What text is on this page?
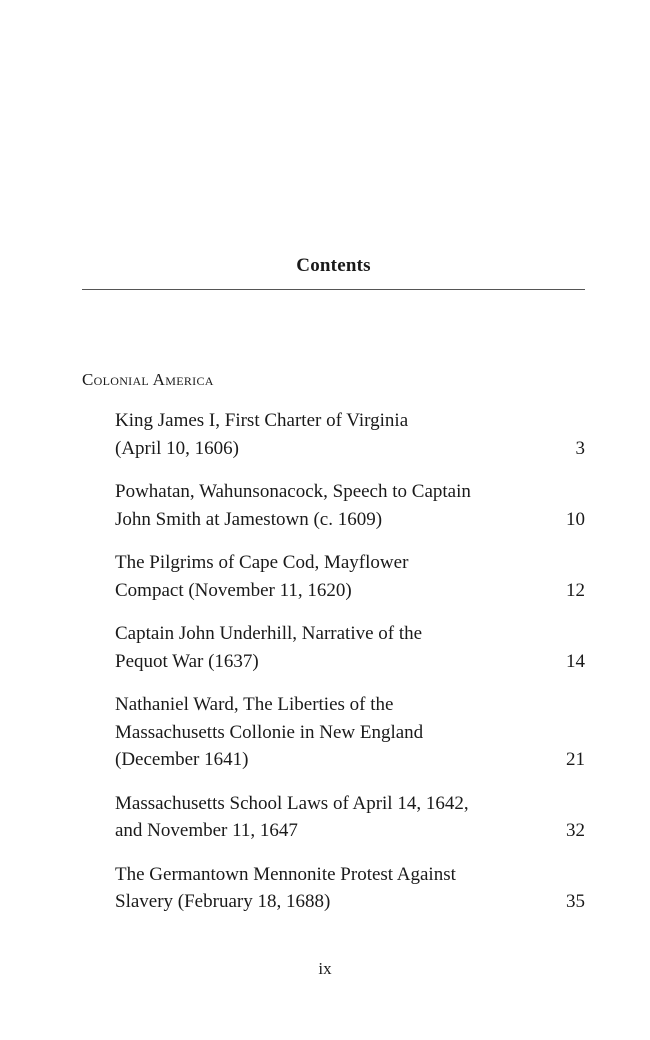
Contents
Colonial America
King James I, First Charter of Virginia
(April 10, 1606)	3
Powhatan, Wahunsonacock, Speech to Captain
John Smith at Jamestown (c. 1609)	10
The Pilgrims of Cape Cod, Mayflower
Compact (November 11, 1620)	12
Captain John Underhill, Narrative of the
Pequot War (1637)	14
Nathaniel Ward, The Liberties of the
Massachusetts Collonie in New England
(December 1641)	21
Massachusetts School Laws of April 14, 1642,
and November 11, 1647	32
The Germantown Mennonite Protest Against
Slavery (February 18, 1688)	35
ix
